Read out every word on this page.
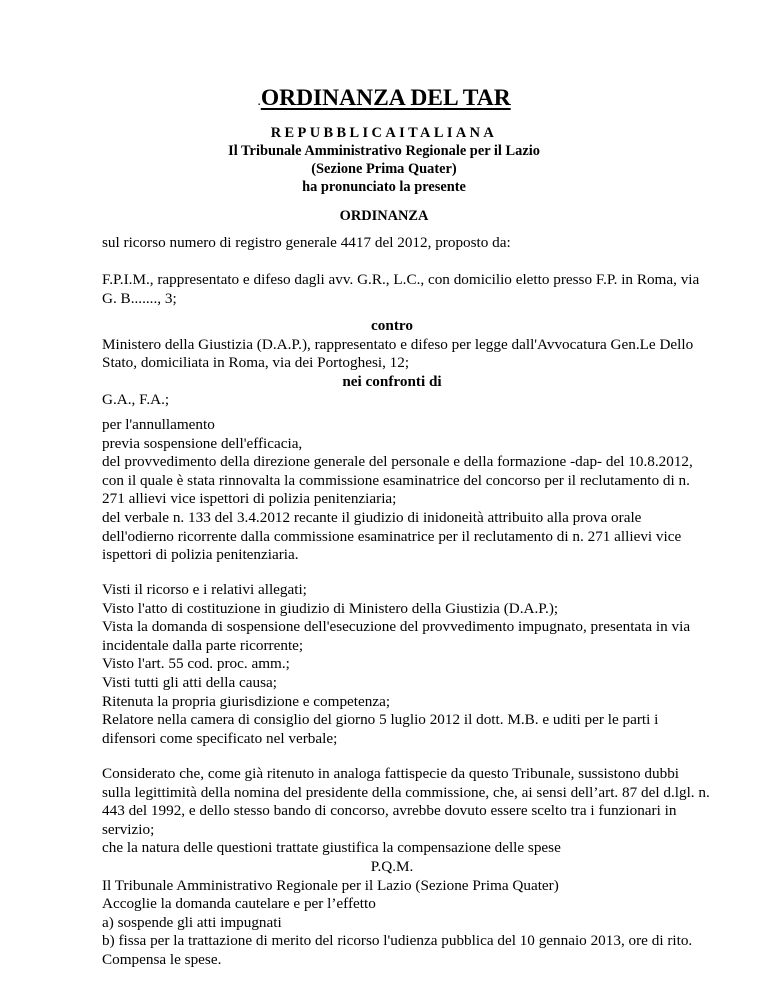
.ORDINANZA DEL TAR
REPUBBLICAITALIANA
Il Tribunale Amministrativo Regionale per il Lazio
(Sezione Prima Quater)
ha pronunciato la presente
ORDINANZA
sul ricorso numero di registro generale 4417 del 2012, proposto da:
F.P.I.M., rappresentato e difeso dagli avv. G.R., L.C., con domicilio eletto presso F.P. in Roma, via
G. B......., 3;
contro
Ministero della Giustizia (D.A.P.), rappresentato e difeso per legge dall'Avvocatura Gen.Le Dello
Stato, domiciliata in Roma, via dei Portoghesi, 12;
nei confronti di
G.A., F.A.;
per l'annullamento
previa sospensione dell'efficacia,
del provvedimento della direzione generale del personale e della formazione -dap- del 10.8.2012,
con il quale è stata rinnovalta la commissione esaminatrice del concorso per il reclutamento di n.
271 allievi vice ispettori di polizia penitenziaria;
del verbale n. 133 del 3.4.2012 recante il giudizio di inidoneità attribuito alla prova orale
dell'odierno ricorrente dalla commissione esaminatrice per il reclutamento di n. 271 allievi vice
ispettori di polizia penitenziaria.
Visti il ricorso e i relativi allegati;
Visto l'atto di costituzione in giudizio di Ministero della Giustizia (D.A.P.);
Vista la domanda di sospensione dell'esecuzione del provvedimento impugnato, presentata in via
incidentale dalla parte ricorrente;
Visto l'art. 55 cod. proc. amm.;
Visti tutti gli atti della causa;
Ritenuta la propria giurisdizione e competenza;
Relatore nella camera di consiglio del giorno 5 luglio 2012 il dott. M.B. e uditi per le parti i
difensori come specificato nel verbale;
Considerato che, come già ritenuto in analoga fattispecie da questo Tribunale, sussistono dubbi
sulla legittimità della nomina del presidente della commissione, che, ai sensi dell’art. 87 del d.lgl. n.
443 del 1992, e dello stesso bando di concorso, avrebbe dovuto essere scelto tra i funzionari in
servizio;
che la natura delle questioni trattate giustifica la compensazione delle spese
P.Q.M.
Il Tribunale Amministrativo Regionale per il Lazio (Sezione Prima Quater)
Accoglie la domanda cautelare e per l’effetto
a) sospende gli atti impugnati
b) fissa per la trattazione di merito del ricorso l'udienza pubblica del 10 gennaio 2013, ore di rito.
Compensa le spese.
